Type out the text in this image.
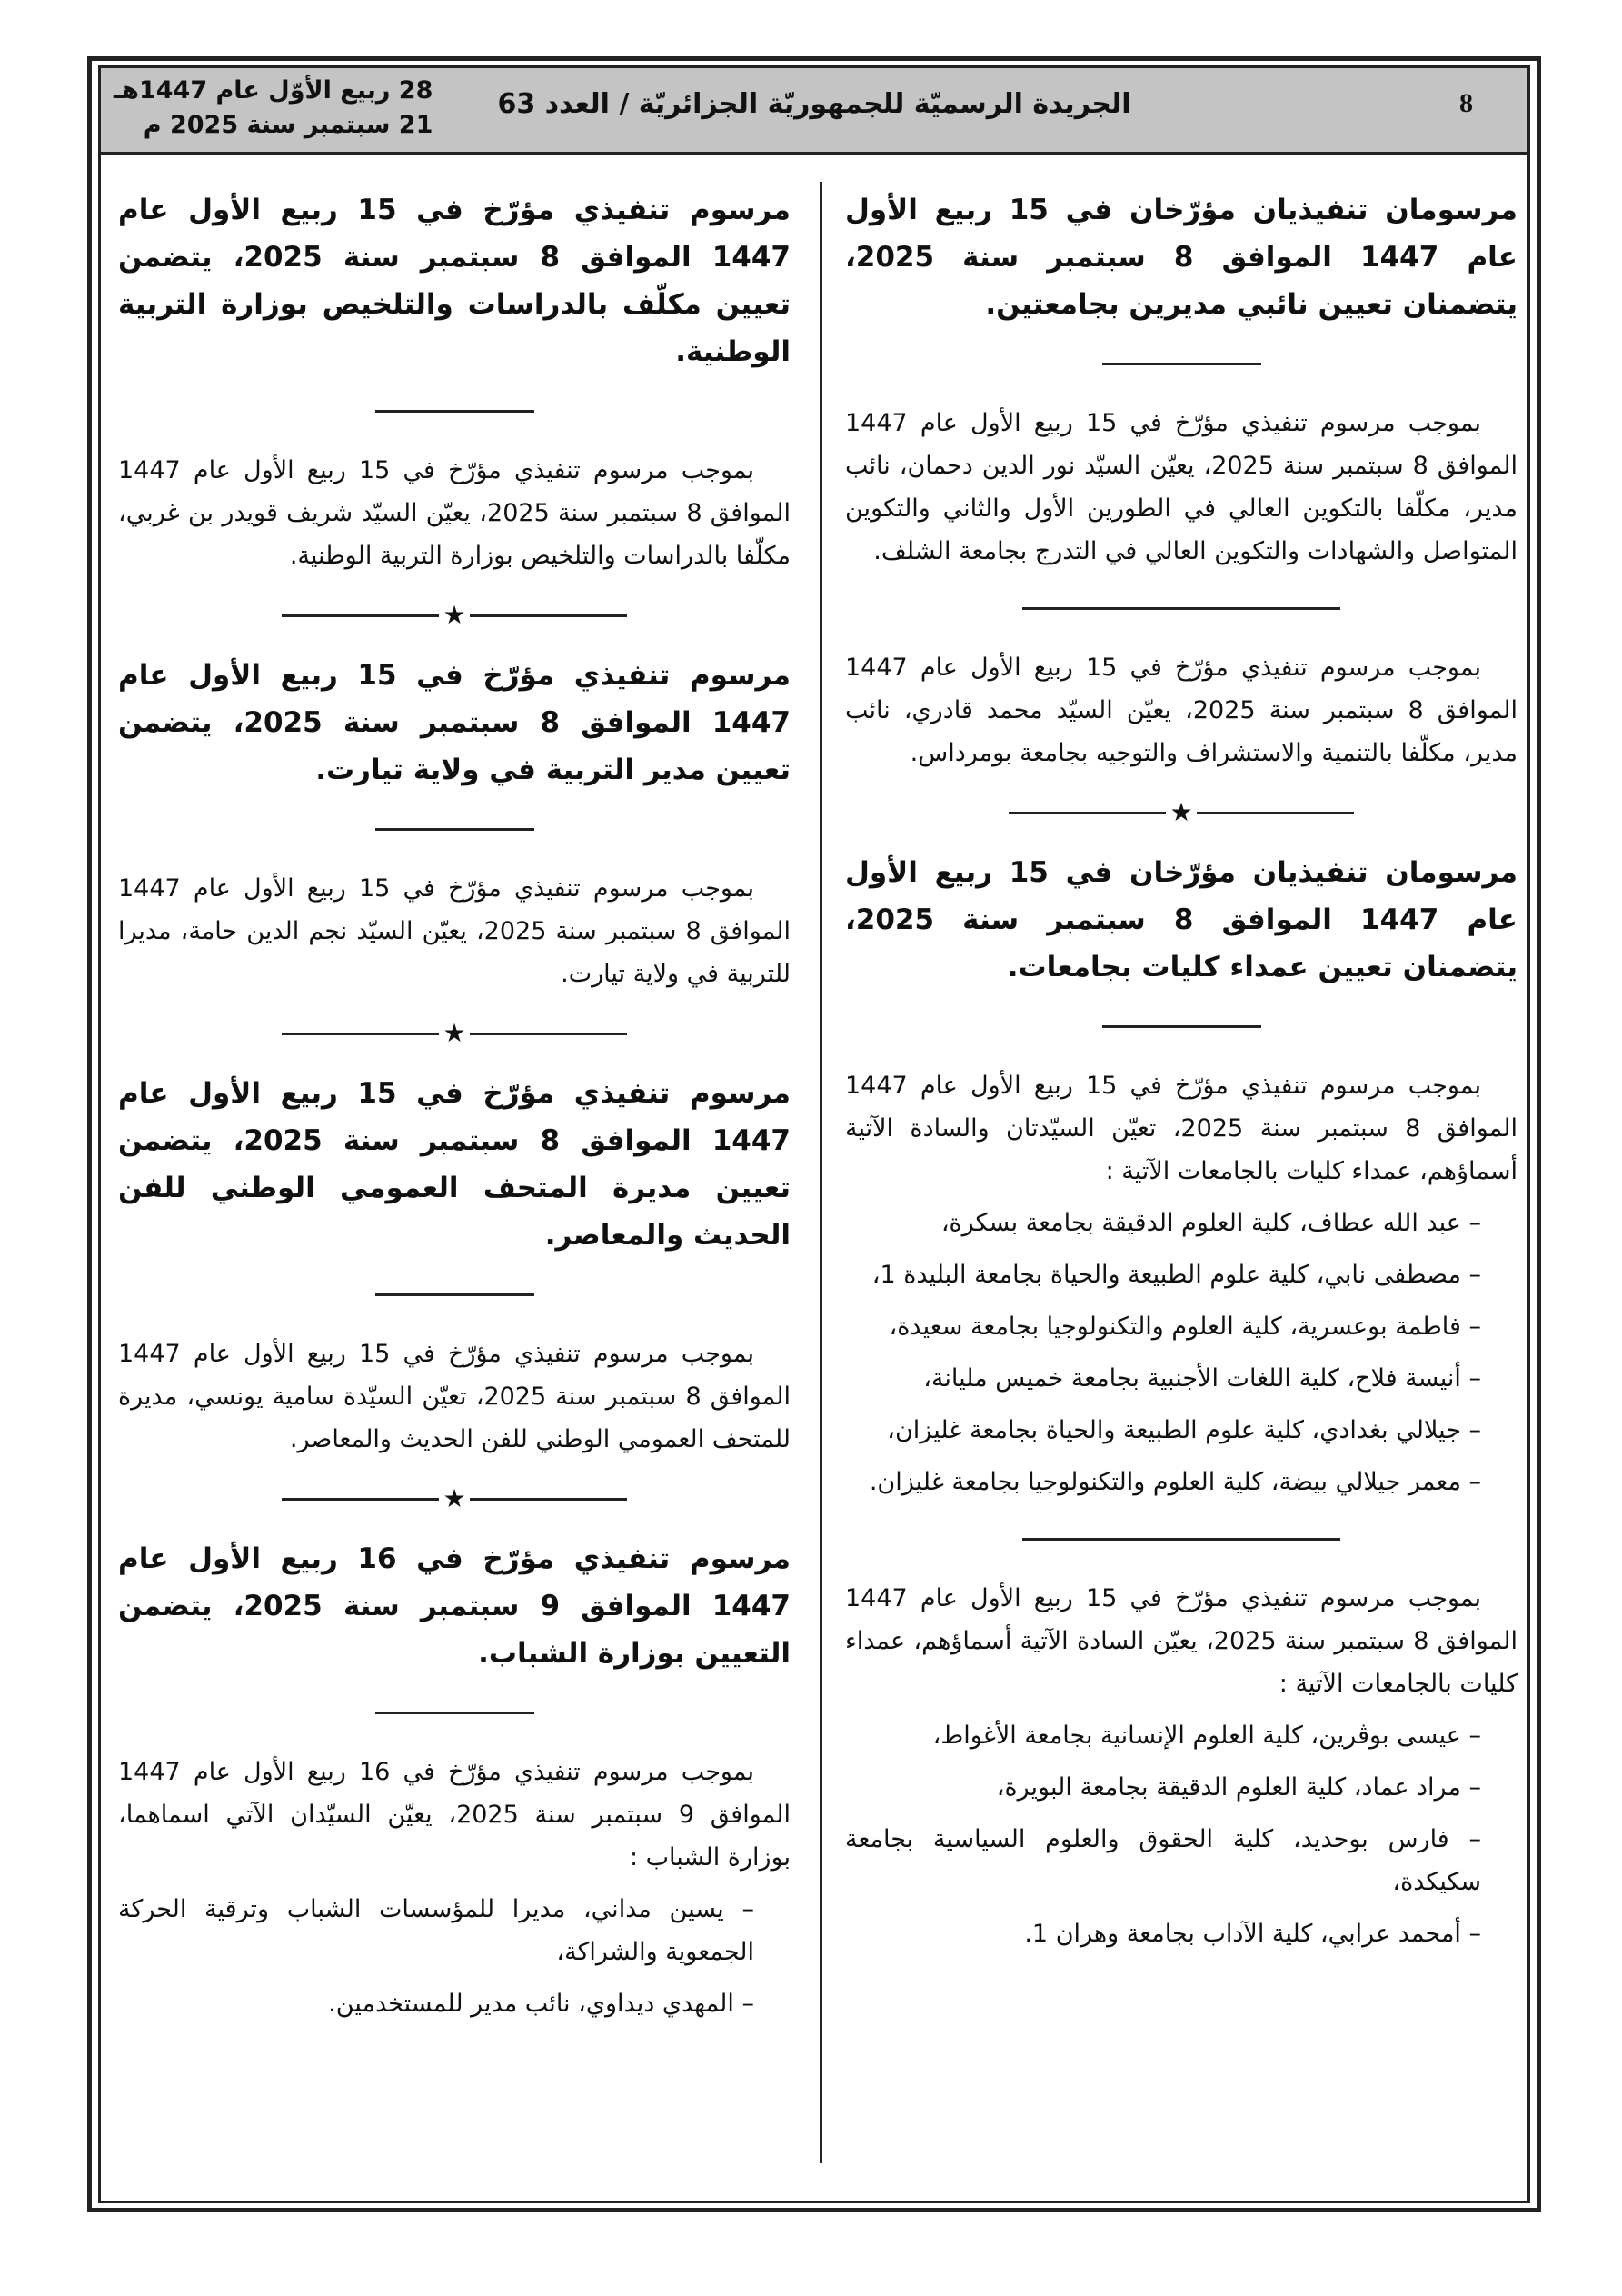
8
الجريدة الرسميّة للجمهوريّة الجزائريّة / العدد 63
28 ربيع الأوّل عام 1447هـ
21 سبتمبر سنة 2025 م
مرسومان تنفيذيان مؤرّخان في 15 ربيع الأول عام 1447 الموافق 8 سبتمبر سنة 2025، يتضمنان تعيين نائبي مديرين بجامعتين.

بموجب مرسوم تنفيذي مؤرّخ في 15 ربيع الأول عام 1447 الموافق 8 سبتمبر سنة 2025، يعيّن السيّد نور الدين دحمان، نائب مدير، مكلّفا بالتكوين العالي في الطورين الأول والثاني والتكوين المتواصل والشهادات والتكوين العالي في التدرج بجامعة الشلف.

بموجب مرسوم تنفيذي مؤرّخ في 15 ربيع الأول عام 1447 الموافق 8 سبتمبر سنة 2025، يعيّن السيّد محمد قادري، نائب مدير، مكلّفا بالتنمية والاستشراف والتوجيه بجامعة بومرداس.

★
مرسومان تنفيذيان مؤرّخان في 15 ربيع الأول عام 1447 الموافق 8 سبتمبر سنة 2025، يتضمنان تعيين عمداء كليات بجامعات.

بموجب مرسوم تنفيذي مؤرّخ في 15 ربيع الأول عام 1447 الموافق 8 سبتمبر سنة 2025، تعيّن السيّدتان والسادة الآتية أسماؤهم، عمداء كليات بالجامعات الآتية :

– عبد الله عطاف، كلية العلوم الدقيقة بجامعة بسكرة،

– مصطفى نابي، كلية علوم الطبيعة والحياة بجامعة البليدة 1،

– فاطمة بوعسرية، كلية العلوم والتكنولوجيا بجامعة سعيدة،

– أنيسة فلاح، كلية اللغات الأجنبية بجامعة خميس مليانة،

– جيلالي بغدادي، كلية علوم الطبيعة والحياة بجامعة غليزان،

– معمر جيلالي بيضة، كلية العلوم والتكنولوجيا بجامعة غليزان.

بموجب مرسوم تنفيذي مؤرّخ في 15 ربيع الأول عام 1447 الموافق 8 سبتمبر سنة 2025، يعيّن السادة الآتية أسماؤهم، عمداء كليات بالجامعات الآتية :

– عيسى بوڤرين، كلية العلوم الإنسانية بجامعة الأغواط،

– مراد عماد، كلية العلوم الدقيقة بجامعة البويرة،

– فارس بوحديد، كلية الحقوق والعلوم السياسية بجامعة سكيكدة،

– أمحمد عرابي، كلية الآداب بجامعة وهران 1.

مرسوم تنفيذي مؤرّخ في 15 ربيع الأول عام 1447 الموافق 8 سبتمبر سنة 2025، يتضمن تعيين مكلّف بالدراسات والتلخيص بوزارة التربية الوطنية.

بموجب مرسوم تنفيذي مؤرّخ في 15 ربيع الأول عام 1447 الموافق 8 سبتمبر سنة 2025، يعيّن السيّد شريف قويدر بن غربي، مكلّفا بالدراسات والتلخيص بوزارة التربية الوطنية.

★
مرسوم تنفيذي مؤرّخ في 15 ربيع الأول عام 1447 الموافق 8 سبتمبر سنة 2025، يتضمن تعيين مدير التربية في ولاية تيارت.

بموجب مرسوم تنفيذي مؤرّخ في 15 ربيع الأول عام 1447 الموافق 8 سبتمبر سنة 2025، يعيّن السيّد نجم الدين حامة، مديرا للتربية في ولاية تيارت.

★
مرسوم تنفيذي مؤرّخ في 15 ربيع الأول عام 1447 الموافق 8 سبتمبر سنة 2025، يتضمن تعيين مديرة المتحف العمومي الوطني للفن الحديث والمعاصر.

بموجب مرسوم تنفيذي مؤرّخ في 15 ربيع الأول عام 1447 الموافق 8 سبتمبر سنة 2025، تعيّن السيّدة سامية يونسي، مديرة للمتحف العمومي الوطني للفن الحديث والمعاصر.

★
مرسوم تنفيذي مؤرّخ في 16 ربيع الأول عام 1447 الموافق 9 سبتمبر سنة 2025، يتضمن التعيين بوزارة الشباب.

بموجب مرسوم تنفيذي مؤرّخ في 16 ربيع الأول عام 1447 الموافق 9 سبتمبر سنة 2025، يعيّن السيّدان الآتي اسماهما، بوزارة الشباب :

– يسين مداني، مديرا للمؤسسات الشباب وترقية الحركة الجمعوية والشراكة،

– المهدي ديداوي، نائب مدير للمستخدمين.
